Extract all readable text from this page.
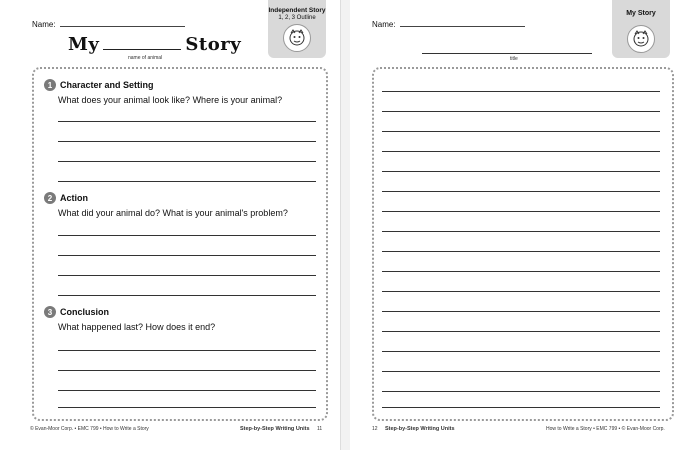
Name:
Independent Story
1, 2, 3 Outline
My	Story
name of animal
1 Character and Setting
What does your animal look like? Where is your animal?
2 Action
What did your animal do? What is your animal's problem?
3 Conclusion
What happened last? How does it end?
© Evan-Moor Corp. • EMC 799 • How to Write a Story	Step-by-Step Writing Units 11
Name:
My Story
title
12 Step-by-Step Writing Units	How to Write a Story • EMC 799 • © Evan-Moor Corp.
